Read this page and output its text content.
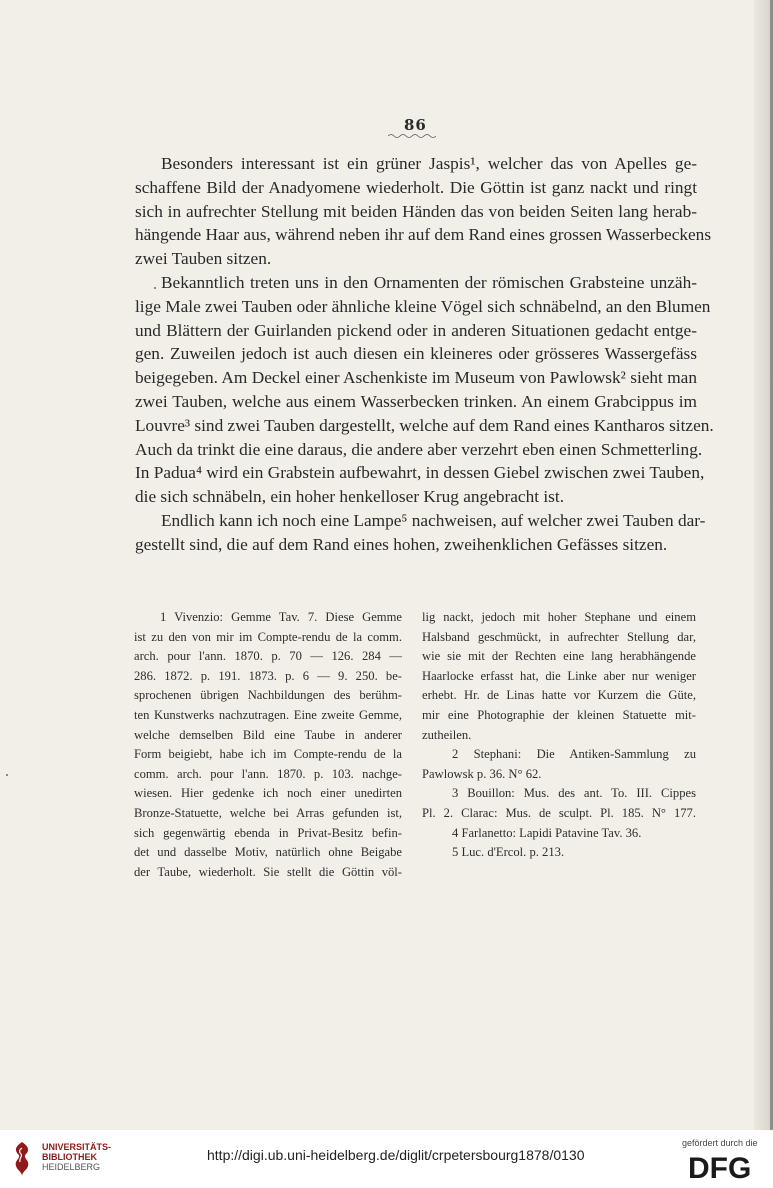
86
Besonders interessant ist ein grüner Jaspis¹, welcher das von Apelles ge-
schaffene Bild der Anadyomene wiederholt. Die Göttin ist ganz nackt und ringt
sich in aufrechter Stellung mit beiden Händen das von beiden Seiten lang herab-
hängende Haar aus, während neben ihr auf dem Rand eines grossen Wasserbeckens
zwei Tauben sitzen.
Bekanntlich treten uns in den Ornamenten der römischen Grabsteine unzäh-
lige Male zwei Tauben oder ähnliche kleine Vögel sich schnäbelnd, an den Blumen
und Blättern der Guirlanden pickend oder in anderen Situationen gedacht entge-
gen. Zuweilen jedoch ist auch diesen ein kleineres oder grösseres Wassergefäss
beigegeben. Am Deckel einer Aschenkiste im Museum von Pawlowsk² sieht man
zwei Tauben, welche aus einem Wasserbecken trinken. An einem Grabcippus im
Louvre³ sind zwei Tauben dargestellt, welche auf dem Rand eines Kantharos sitzen.
Auch da trinkt die eine daraus, die andere aber verzehrt eben einen Schmetterling.
In Padua⁴ wird ein Grabstein aufbewahrt, in dessen Giebel zwischen zwei Tauben,
die sich schnäbeln, ein hoher henkelloser Krug angebracht ist.
Endlich kann ich noch eine Lampe⁵ nachweisen, auf welcher zwei Tauben dar-
gestellt sind, die auf dem Rand eines hohen, zweihenklichen Gefässes sitzen.
1 Vivenzio: Gemme Tav. 7. Diese Gemme
ist zu den von mir im Compte-rendu de la comm.
arch. pour l'ann. 1870. p. 70 — 126. 284 —
286. 1872. p. 191. 1873. p. 6 — 9. 250. be-
sprochenen übrigen Nachbildungen des berühm-
ten Kunstwerks nachzutragen. Eine zweite Gemme,
welche demselben Bild eine Taube in anderer
Form beigiebt, habe ich im Compte-rendu de la
comm. arch. pour l'ann. 1870. p. 103. nachge-
wiesen. Hier gedenke ich noch einer unedirten
Bronze-Statuette, welche bei Arras gefunden ist,
sich gegenwärtig ebenda in Privat-Besitz befin-
det und dasselbe Motiv, natürlich ohne Beigabe
der Taube, wiederholt. Sie stellt die Göttin völ-
lig nackt, jedoch mit hoher Stephane und einem
Halsband geschmückt, in aufrechter Stellung dar,
wie sie mit der Rechten eine lang herabhängende
Haarlocke erfasst hat, die Linke aber nur weniger
erhebt. Hr. de Linas hatte vor Kurzem die Güte,
mir eine Photographie der kleinen Statuette mit-
zutheilen.
2 Stephani: Die Antiken-Sammlung zu
Pawlowsk p. 36. N° 62.
3 Bouillon: Mus. des ant. To. III. Cippes
Pl. 2. Clarac: Mus. de sculpt. Pl. 185. N° 177.
4 Farlanetto: Lapidi Patavine Tav. 36.
5 Luc. d'Ercol. p. 213.
UNIVERSITÄTS-
BIBLIOTHEK
HEIDELBERG
http://digi.ub.uni-heidelberg.de/diglit/crpetersbourg1878/0130
gefördert durch die
DFG
